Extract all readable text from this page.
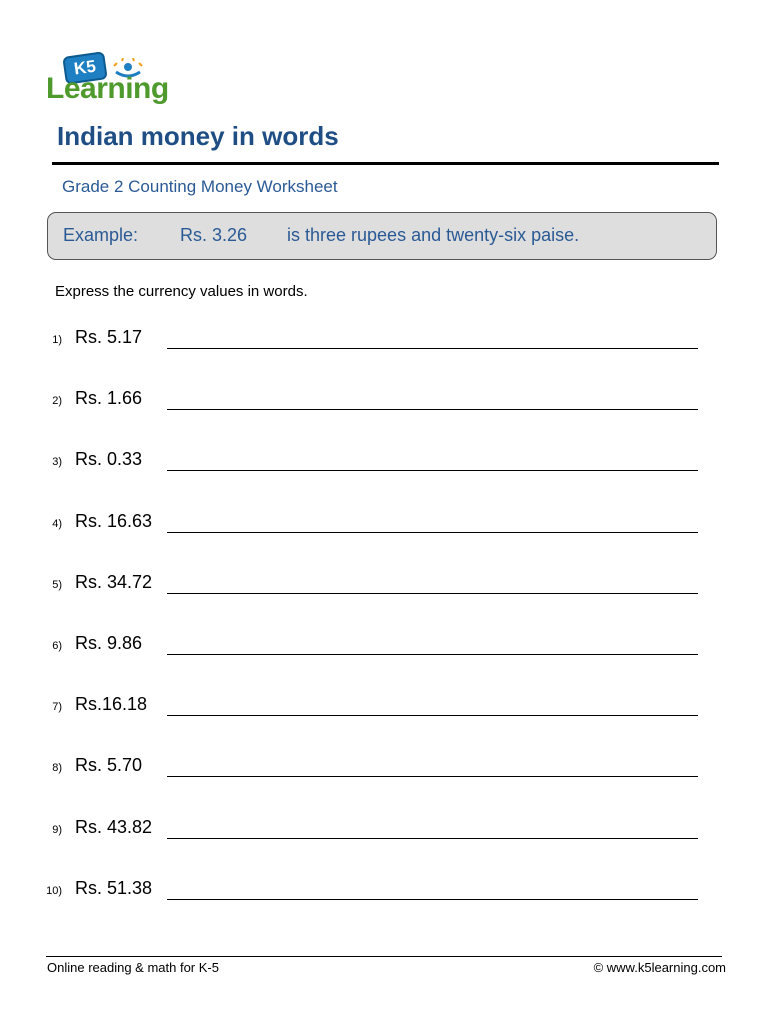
K5
Learning
Indian money in words
Grade 2 Counting Money Worksheet
Example: Rs. 3.26 is three rupees and twenty-six paise.
Express the currency values in words.
1) Rs. 5.17
2) Rs. 1.66
3) Rs. 0.33
4) Rs. 16.63
5) Rs. 34.72
6) Rs. 9.86
7) Rs.16.18
8) Rs. 5.70
9) Rs. 43.82
10) Rs. 51.38
Online reading & math for K-5	© www.k5learning.com
